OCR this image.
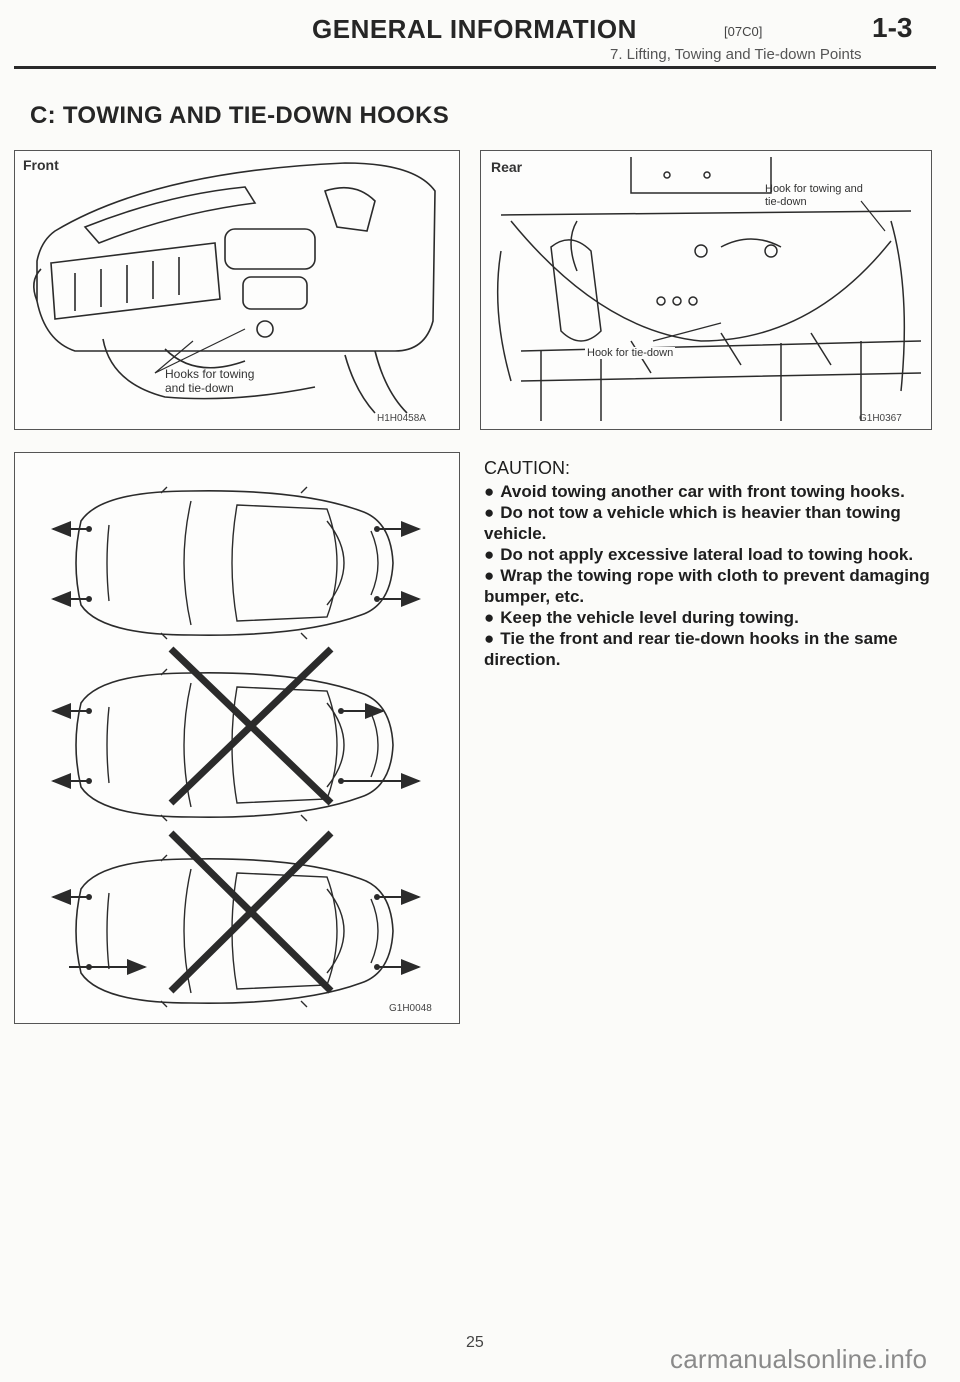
GENERAL INFORMATION	[07C0]	1-3
7. Lifting, Towing and Tie-down Points
C: TOWING AND TIE-DOWN HOOKS
Front
Hooks for towing and tie-down
H1H0458A
Rear
Hook for towing and tie-down
Hook for tie-down
G1H0367
G1H0048
CAUTION:
● Avoid towing another car with front towing hooks.
● Do not tow a vehicle which is heavier than towing vehicle.
● Do not apply excessive lateral load to towing hook.
● Wrap the towing rope with cloth to prevent damaging bumper, etc.
● Keep the vehicle level during towing.
● Tie the front and rear tie-down hooks in the same direction.
25
carmanualsonline.info
